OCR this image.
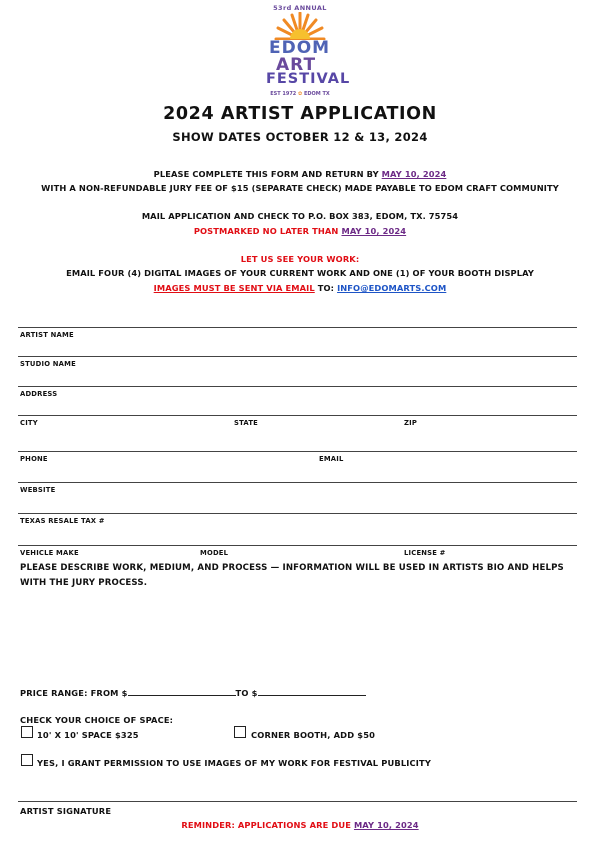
53rd ANNUAL
EDOM
ART
FESTIVAL
EST 1972 ✿ EDOM TX
2024 ARTIST APPLICATION
SHOW DATES OCTOBER 12 & 13, 2024
PLEASE COMPLETE THIS FORM AND RETURN BY MAY 10, 2024
WITH A NON-REFUNDABLE JURY FEE OF $15 (SEPARATE CHECK) MADE PAYABLE TO EDOM CRAFT COMMUNITY
MAIL APPLICATION AND CHECK TO P.O. BOX 383, EDOM, TX. 75754
POSTMARKED NO LATER THAN MAY 10, 2024
LET US SEE YOUR WORK:
EMAIL FOUR (4) DIGITAL IMAGES OF YOUR CURRENT WORK AND ONE (1) OF YOUR BOOTH DISPLAY
IMAGES MUST BE SENT VIA EMAIL TO: INFO@EDOMARTS.COM
ARTIST NAME
STUDIO NAME
ADDRESS
CITY	STATE	ZIP
PHONE	EMAIL
WEBSITE
TEXAS RESALE TAX #
VEHICLE MAKE	MODEL	LICENSE #
PLEASE DESCRIBE WORK, MEDIUM, AND PROCESS — INFORMATION WILL BE USED IN ARTISTS BIO AND HELPS WITH THE JURY PROCESS.
PRICE RANGE: FROM $	TO $
CHECK YOUR CHOICE OF SPACE:
10' X 10' SPACE $325	CORNER BOOTH, ADD $50
YES, I GRANT PERMISSION TO USE IMAGES OF MY WORK FOR FESTIVAL PUBLICITY
ARTIST SIGNATURE
REMINDER: APPLICATIONS ARE DUE MAY 10, 2024
